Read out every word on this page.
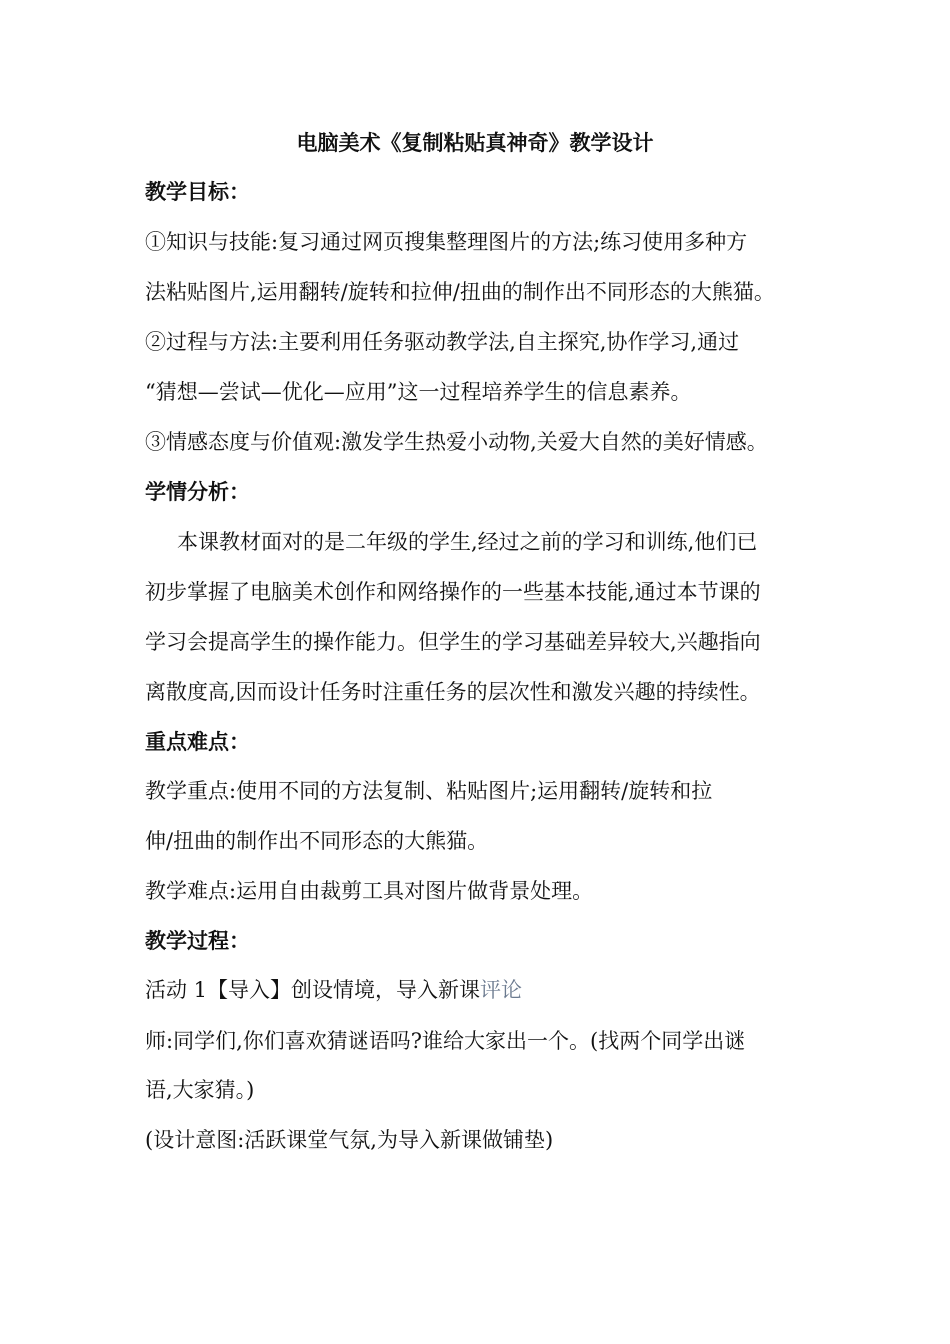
电脑美术《复制粘贴真神奇》教学设计
教学目标：
①知识与技能:复习通过网页搜集整理图片的方法;练习使用多种方
法粘贴图片,运用翻转/旋转和拉伸/扭曲的制作出不同形态的大熊猫。
②过程与方法:主要利用任务驱动教学法,自主探究,协作学习,通过
“猜想—尝试—优化—应用”这一过程培养学生的信息素养。
③情感态度与价值观:激发学生热爱小动物,关爱大自然的美好情感。
学情分析：
本课教材面对的是二年级的学生,经过之前的学习和训练,他们已
初步掌握了电脑美术创作和网络操作的一些基本技能,通过本节课的
学习会提高学生的操作能力。但学生的学习基础差异较大,兴趣指向
离散度高,因而设计任务时注重任务的层次性和激发兴趣的持续性。
重点难点：
教学重点:使用不同的方法复制、粘贴图片;运用翻转/旋转和拉
伸/扭曲的制作出不同形态的大熊猫。
教学难点:运用自由裁剪工具对图片做背景处理。
教学过程：
活动 1【导入】创设情境，导入新课评论
师:同学们,你们喜欢猜谜语吗?谁给大家出一个。(找两个同学出谜
语,大家猜。)
(设计意图:活跃课堂气氛,为导入新课做铺垫)
